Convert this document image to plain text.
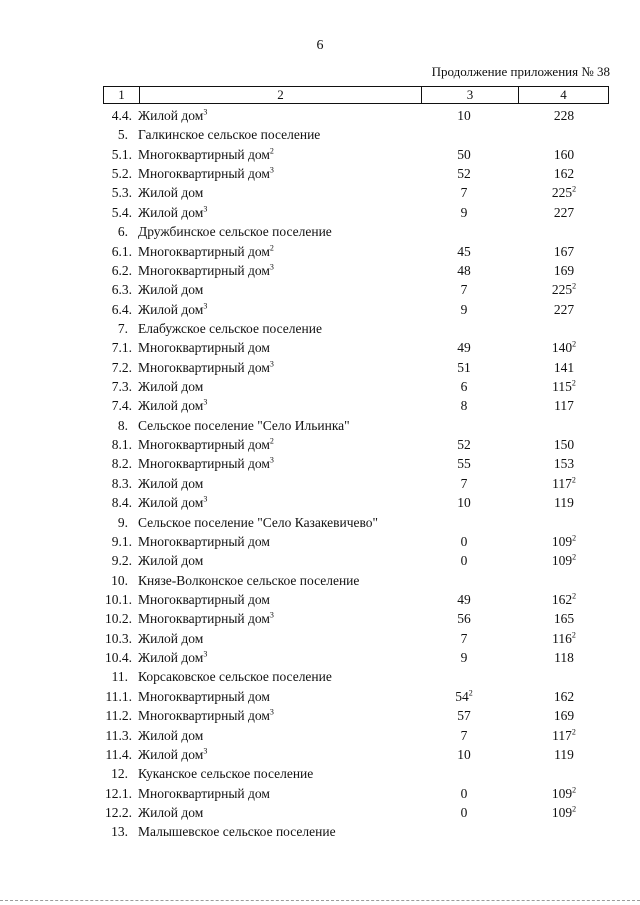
6
Продолжение приложения № 38
1	2	3	4
4.4. Жилой дом$^3$	10	228
5. Галкинское сельское поселение
5.1. Многоквартирный дом$^2$	50	160
5.2. Многоквартирный дом$^3$	52	162
5.3. Жилой дом	7	$225^2$
5.4. Жилой дом$^3$	9	227
6. Дружбинское сельское поселение
6.1. Многоквартирный дом$^2$	45	167
6.2. Многоквартирный дом$^3$	48	169
6.3. Жилой дом	7	$225^2$
6.4. Жилой дом$^3$	9	227
7. Елабужское сельское поселение
7.1. Многоквартирный дом	49	$140^2$
7.2. Многоквартирный дом$^3$	51	141
7.3. Жилой дом	6	$115^2$
7.4. Жилой дом$^3$	8	117
8. Сельское поселение "Село Ильинка"
8.1. Многоквартирный дом$^2$	52	150
8.2. Многоквартирный дом$^3$	55	153
8.3. Жилой дом	7	$117^2$
8.4. Жилой дом$^3$	10	119
9. Сельское поселение "Село Казакевичево"
9.1. Многоквартирный дом	0	$109^2$
9.2. Жилой дом	0	$109^2$
10. Князе-Волконское сельское поселение
10.1. Многоквартирный дом	49	$162^2$
10.2. Многоквартирный дом$^3$	56	165
10.3. Жилой дом	7	$116^2$
10.4. Жилой дом$^3$	9	118
11. Корсаковское сельское поселение
11.1. Многоквартирный дом	$54^2$	162
11.2. Многоквартирный дом$^3$	57	169
11.3. Жилой дом	7	$117^2$
11.4. Жилой дом$^3$	10	119
12. Куканское сельское поселение
12.1. Многоквартирный дом	0	$109^2$
12.2. Жилой дом	0	$109^2$
13. Малышевское сельское поселение
